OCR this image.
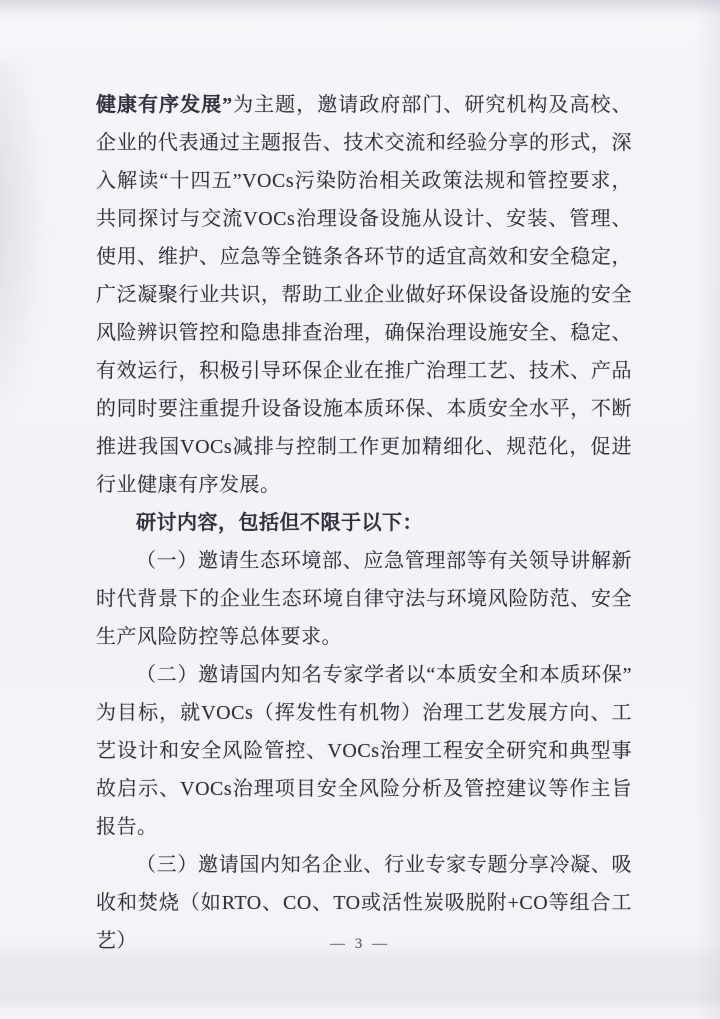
健康有序发展”为主题，邀请政府部门、研究机构及高校、企业的代表通过主题报告、技术交流和经验分享的形式，深入解读“十四五”VOCs污染防治相关政策法规和管控要求，共同探讨与交流VOCs治理设备设施从设计、安装、管理、使用、维护、应急等全链条各环节的适宜高效和安全稳定，广泛凝聚行业共识，帮助工业企业做好环保设备设施的安全风险辨识管控和隐患排查治理，确保治理设施安全、稳定、有效运行，积极引导环保企业在推广治理工艺、技术、产品的同时要注重提升设备设施本质环保、本质安全水平，不断推进我国VOCs减排与控制工作更加精细化、规范化，促进行业健康有序发展。

研讨内容，包括但不限于以下：

（一）邀请生态环境部、应急管理部等有关领导讲解新时代背景下的企业生态环境自律守法与环境风险防范、安全生产风险防控等总体要求。

（二）邀请国内知名专家学者以“本质安全和本质环保”为目标，就VOCs（挥发性有机物）治理工艺发展方向、工艺设计和安全风险管控、VOCs治理工程安全研究和典型事故启示、VOCs治理项目安全风险分析及管控建议等作主旨报告。

（三）邀请国内知名企业、行业专家专题分享冷凝、吸收和焚烧（如RTO、CO、TO或活性炭吸脱附+CO等组合工艺）	— 3 —
